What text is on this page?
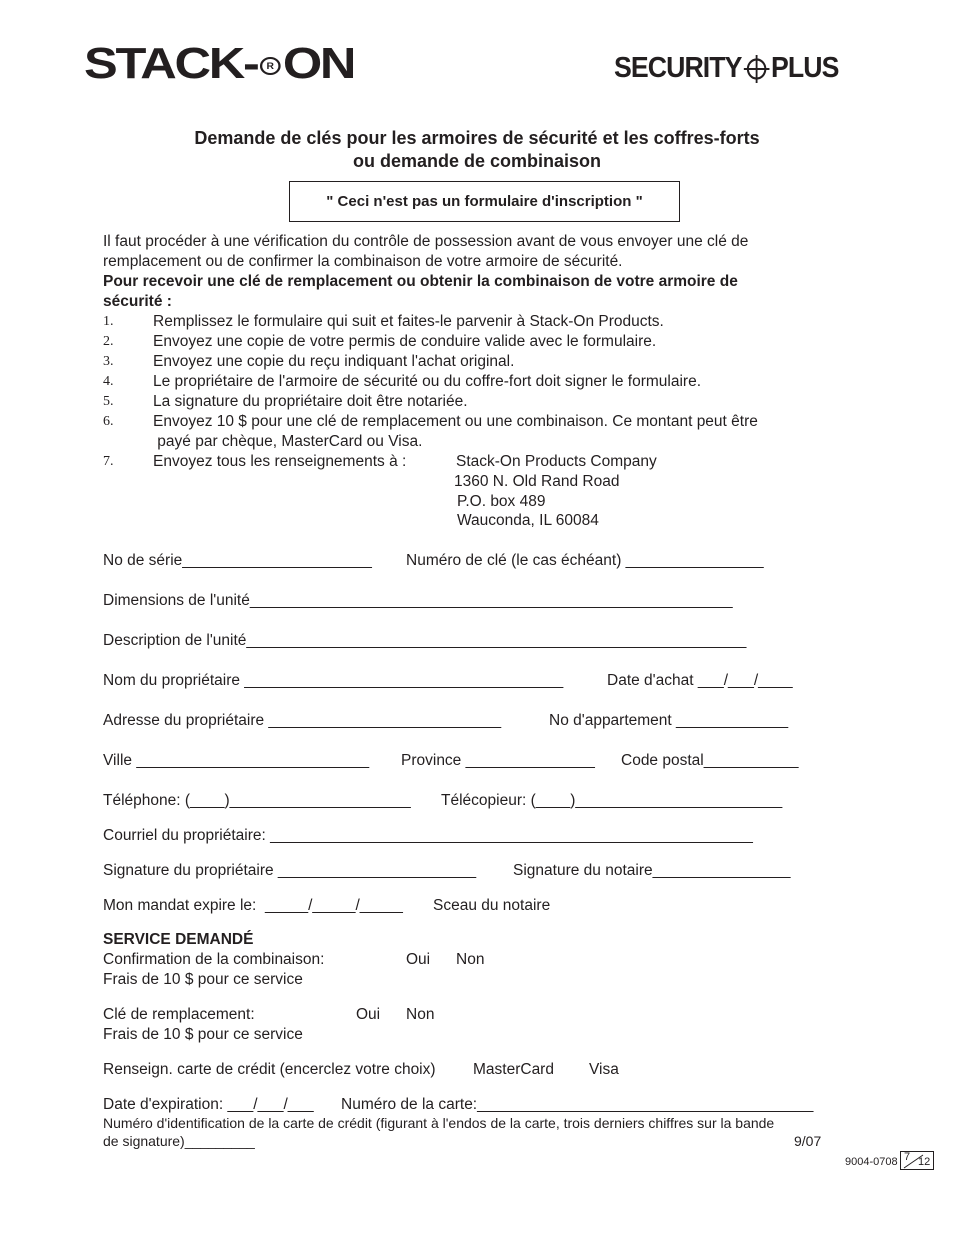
STACK- R ON	SECURITY PLUS
Demande de clés pour les armoires de sécurité et les coffres-forts
ou demande de combinaison
" Ceci n'est pas un formulaire d'inscription "
Il faut procéder à une vérification du contrôle de possession avant de vous envoyer une clé de
remplacement ou de confirmer la combinaison de votre armoire de sécurité.
Pour recevoir une clé de remplacement ou obtenir la combinaison de votre armoire de
sécurité :
1.	Remplissez le formulaire qui suit et faites-le parvenir à Stack-On Products.
2.	Envoyez une copie de votre permis de conduire valide avec le formulaire.
3.	Envoyez une copie du reçu indiquant l'achat original.
4.	Le propriétaire de l'armoire de sécurité ou du coffre-fort doit signer le formulaire.
5.	La signature du propriétaire doit être notariée.
6.	Envoyez 10 $ pour une clé de remplacement ou une combinaison. Ce montant peut être
payé par chèque, MasterCard ou Visa.
7.	Envoyez tous les renseignements à :	Stack-On Products Company
1360 N. Old Rand Road
P.O. box 489
Wauconda, IL 60084
No de série______________________ Numéro de clé (le cas échéant) ________________
Dimensions de l'unité________________________________________________________
Description de l'unité__________________________________________________________
Nom du propriétaire _____________________________________	Date d'achat ___/___/____
Adresse du propriétaire ___________________________	No d'appartement _____________
Ville ___________________________ Province _______________ Code postal___________
Téléphone: (____)_____________________ Télécopieur: (____)________________________
Courriel du propriétaire: ________________________________________________________
Signature du propriétaire _______________________ Signature du notaire________________
Mon mandat expire le:  _____/_____/_____ Sceau du notaire
SERVICE DEMANDÉ
Confirmation de la combinaison:	Oui Non
Frais de 10 $ pour ce service
Clé de remplacement:	Oui Non
Frais de 10 $ pour ce service
Renseign. carte de crédit (encerclez votre choix) MasterCard Visa
Date d'expiration: ___/___/___ Numéro de la carte:_______________________________________
Numéro d'identification de la carte de crédit (figurant à l'endos de la carte, trois derniers chiffres sur la bande
de signature)_________	9/07
9004-0708

7

12
